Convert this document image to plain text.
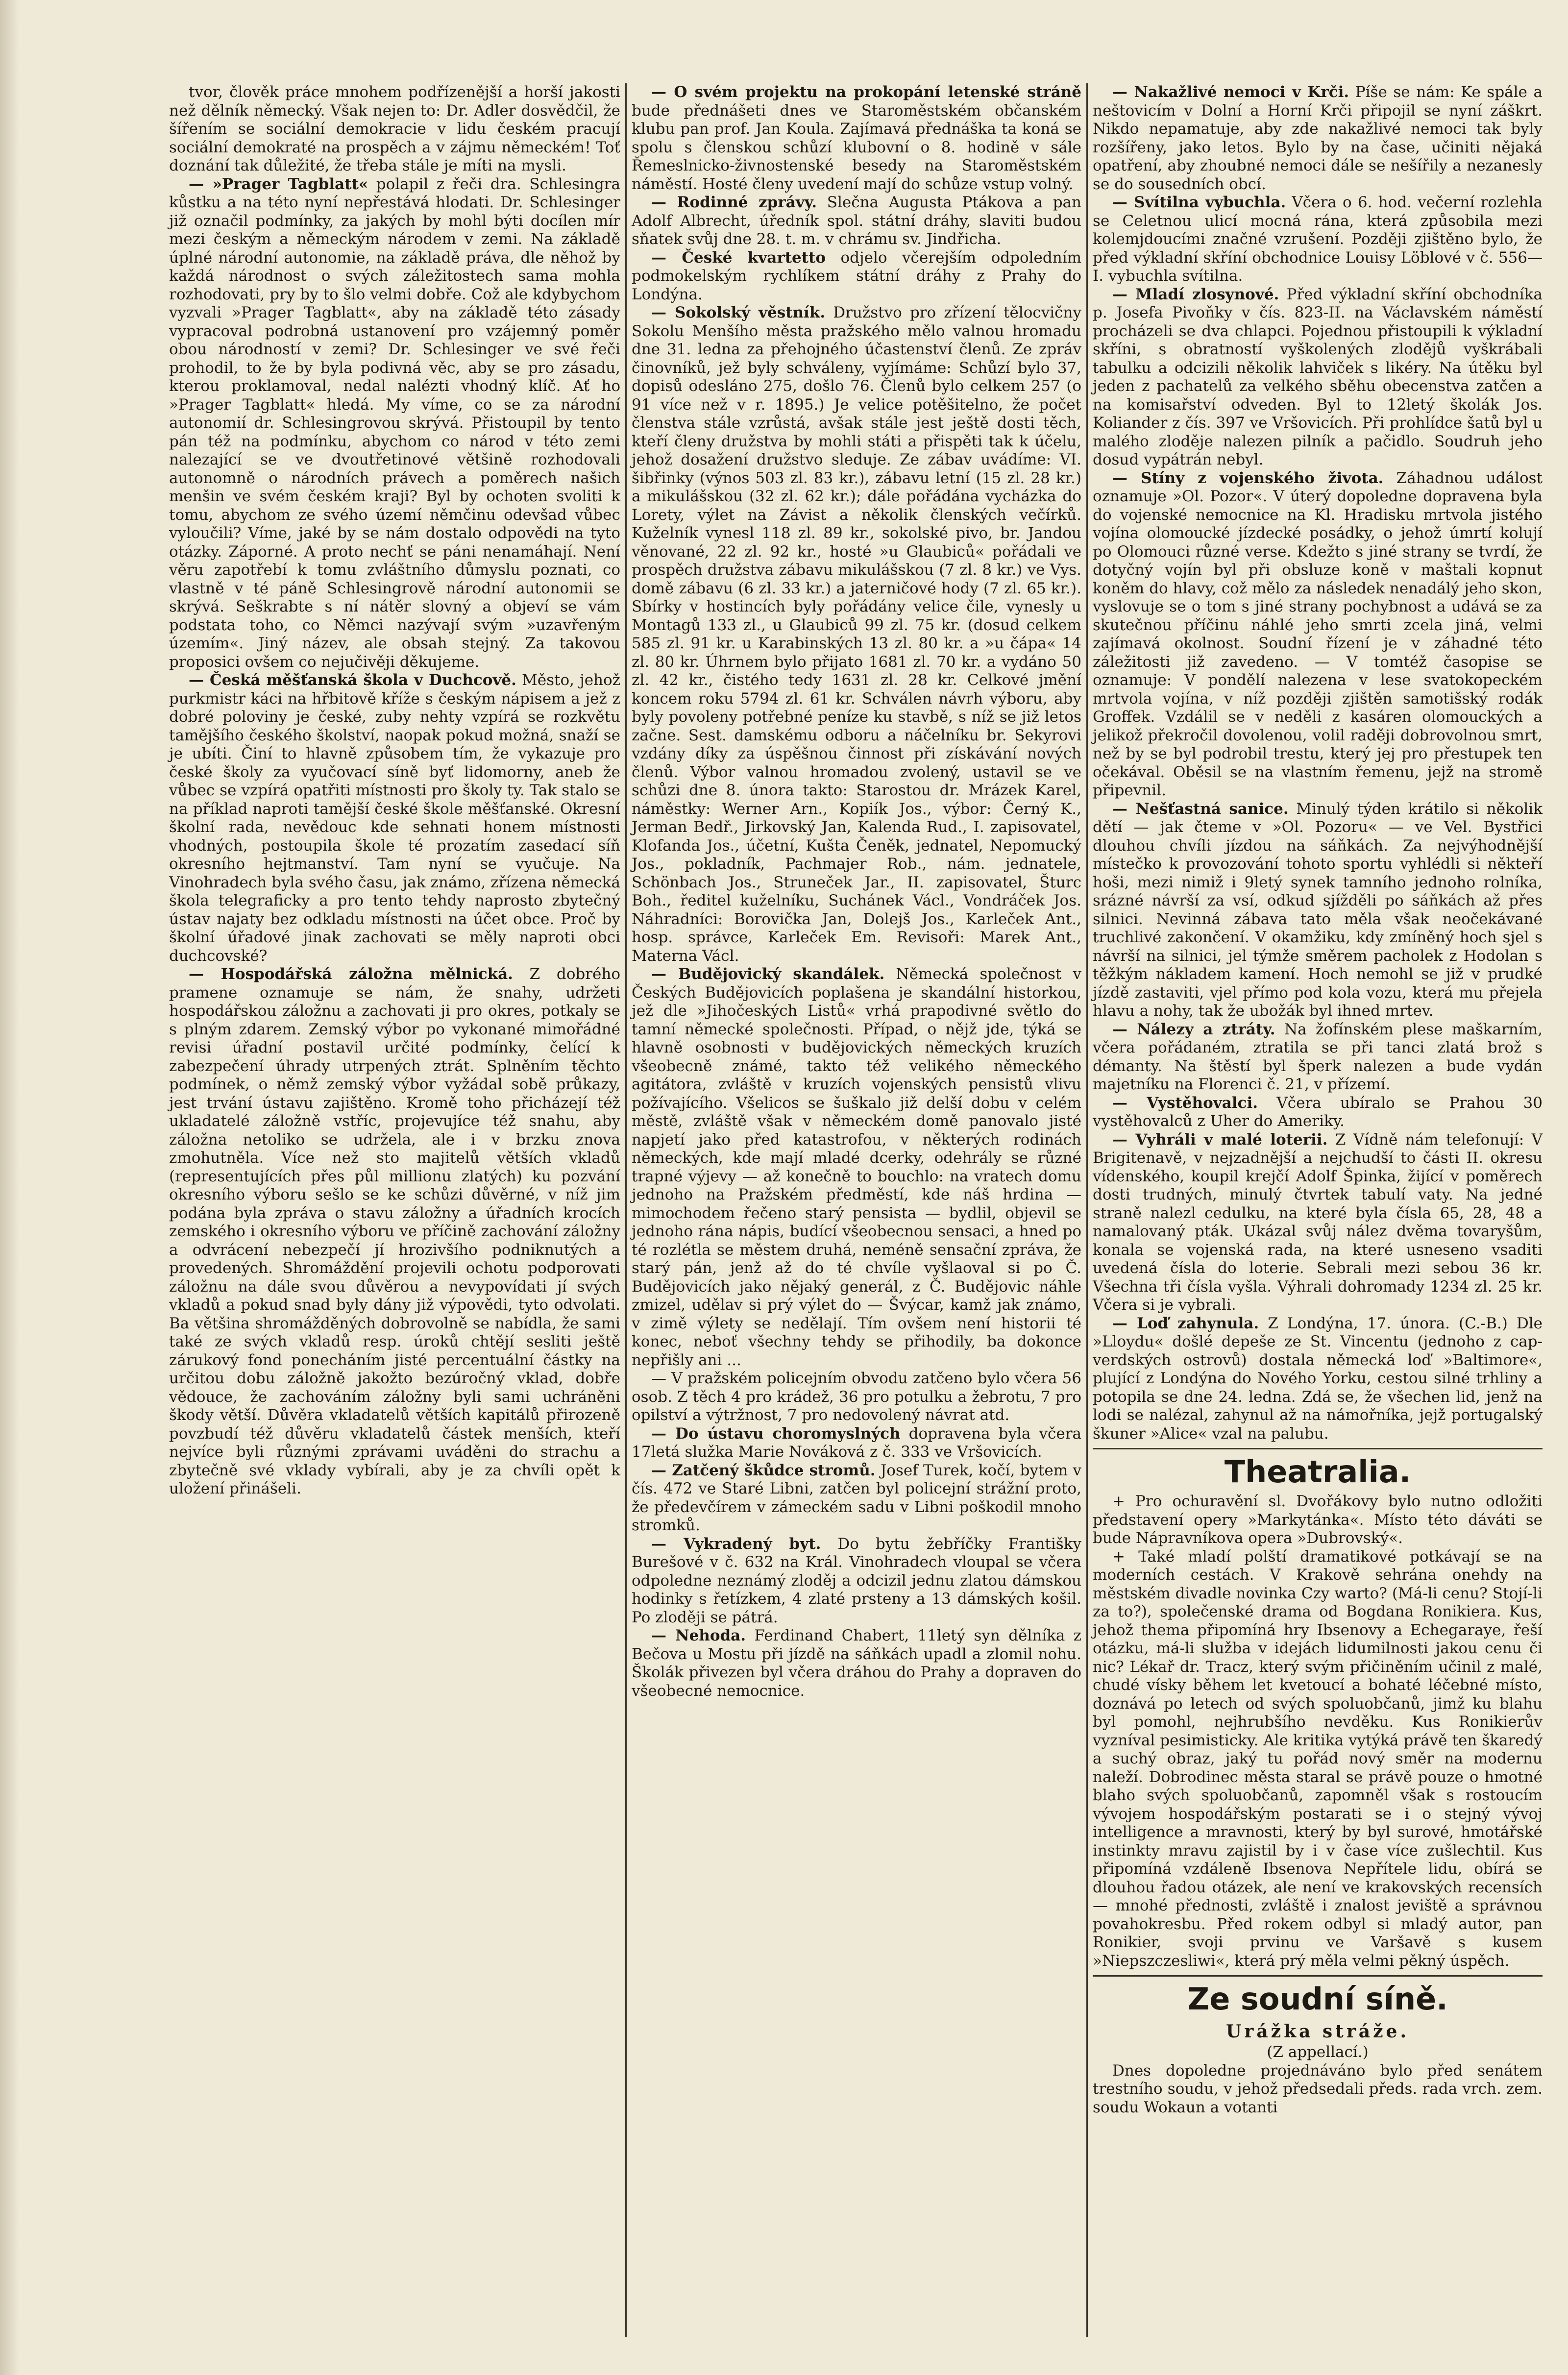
tvor, člověk práce mnohem podřízenější a horší jakosti než dělník německý. Však nejen to: Dr. Adler dosvědčil, že šířením se sociální demokracie v lidu českém pracují sociální demokraté na prospěch a v zájmu německém! Toť doznání tak důležité, že třeba stále je míti na mysli.

— »Prager Tagblatt« polapil z řeči dra. Schlesingra kůstku a na této nyní nepřestává hlodati. Dr. Schlesinger již označil podmínky, za jakých by mohl býti docílen mír mezi českým a německým národem v zemi. Na základě úplné národní autonomie, na základě práva, dle něhož by každá národnost o svých záležitostech sama mohla rozhodovati, pry by to šlo velmi dobře. Což ale kdybychom vyzvali »Prager Tagblatt«, aby na základě této zásady vypracoval podrobná ustanovení pro vzájemný poměr obou národností v zemi? Dr. Schlesinger ve své řeči prohodil, to že by byla podivná věc, aby se pro zásadu, kterou proklamoval, nedal nalézti vhodný klíč. Ať ho »Prager Tagblatt« hledá. My víme, co se za národní autonomií dr. Schlesingrovou skrývá. Přistoupil by tento pán též na podmínku, abychom co národ v této zemi nalezající se ve dvoutřetinové většině rozhodovali autonomně o národních právech a poměrech našich menšin ve svém českém kraji? Byl by ochoten svoliti k tomu, abychom ze svého území němčinu odevšad vůbec vyloučili? Víme, jaké by se nám dostalo odpovědi na tyto otázky. Záporné. A proto nechť se páni nenamáhají. Není věru zapotřebí k tomu zvláštního důmyslu poznati, co vlastně v té páně Schlesingrově národní autonomii se skrývá. Seškrabte s ní nátěr slovný a objeví se vám podstata toho, co Němci nazývají svým »uzavřeným územím«. Jiný název, ale obsah stejný. Za takovou proposici ovšem co nejučivěji děkujeme.

— Česká měšťanská škola v Duchcově. Město, jehož purkmistr káci na hřbitově kříže s českým nápisem a jež z dobré poloviny je české, zuby nehty vzpírá se rozkvětu tamějšího českého školství, naopak pokud možná, snaží se je ubíti. Činí to hlavně způsobem tím, že vykazuje pro české školy za vyučovací síně byť lidomorny, aneb že vůbec se vzpírá opatřiti místnosti pro školy ty. Tak stalo se na příklad naproti tamější české škole měšťanské. Okresní školní rada, nevědouc kde sehnati honem místnosti vhodných, postoupila škole té prozatím zasedací síň okresního hejtmanství. Tam nyní se vyučuje. Na Vinohradech byla svého času, jak známo, zřízena německá škola telegraficky a pro tento tehdy naprosto zbytečný ústav najaty bez odkladu místnosti na účet obce. Proč by školní úřadové jinak zachovati se měly naproti obci duchcovské?

— Hospodářská záložna mělnická. Z dobrého pramene oznamuje se nám, že snahy, udržeti hospodářskou záložnu a zachovati ji pro okres, potkaly se s plným zdarem. Zemský výbor po vykonané mimořádné revisi úřadní postavil určité podmínky, čelící k zabezpečení úhrady utrpených ztrát. Splněním těchto podmínek, o němž zemský výbor vyžádal sobě průkazy, jest trvání ústavu zajištěno. Kromě toho přicházejí též ukladatelé záložně vstříc, projevujíce též snahu, aby záložna netoliko se udržela, ale i v brzku znova zmohutněla. Více než sto majitelů větších vkladů (representujících přes půl millionu zlatých) ku pozvání okresního výboru sešlo se ke schůzi důvěrné, v níž jim podána byla zpráva o stavu záložny a úřadních krocích zemského i okresního výboru ve příčině zachování záložny a odvrácení nebezpečí jí hrozivšího podniknutých a provedených. Shromáždění projevili ochotu podporovati záložnu na dále svou důvěrou a nevypovídati jí svých vkladů a pokud snad byly dány již výpovědi, tyto odvolati. Ba většina shromážděných dobrovolně se nabídla, že sami také ze svých vkladů resp. úroků chtějí sesliti ještě zárukový fond ponecháním jisté percentuální částky na určitou dobu záložně jakožto bezúročný vklad, dobře vědouce, že zachováním záložny byli sami uchráněni škody větší. Důvěra vkladatelů větších kapitálů přirozeně povzbudí též důvěru vkladatelů částek menších, kteří nejvíce byli různými zprávami uváděni do strachu a zbytečně své vklady vybírali, aby je za chvíli opět k uložení přinášeli.

— O svém projektu na prokopání letenské stráně bude přednášeti dnes ve Staroměstském občanském klubu pan prof. Jan Koula. Zajímavá přednáška ta koná se spolu s členskou schůzí klubovní o 8. hodině v sále Řemeslnicko-živnostenské besedy na Staroměstském náměstí. Hosté členy uvedení mají do schůze vstup volný.

— Rodinné zprávy. Slečna Augusta Ptákova a pan Adolf Albrecht, úředník spol. státní dráhy, slaviti budou sňatek svůj dne 28. t. m. v chrámu sv. Jindřicha.

— České kvartetto odjelo včerejším odpoledním podmokelským rychlíkem státní dráhy z Prahy do Londýna.

— Sokolský věstník. Družstvo pro zřízení tělocvičny Sokolu Menšího města pražského mělo valnou hromadu dne 31. ledna za přehojného účastenství členů. Ze zpráv činovníků, jež byly schváleny, vyjímáme: Schůzí bylo 37, dopisů odesláno 275, došlo 76. Členů bylo celkem 257 (o 91 více než v r. 1895.) Je velice potěšitelno, že počet členstva stále vzrůstá, avšak stále jest ještě dosti těch, kteří členy družstva by mohli státi a přispěti tak k účelu, jehož dosažení družstvo sleduje. Ze zábav uvádíme: VI. šibřinky (výnos 503 zl. 83 kr.), zábavu letní (15 zl. 28 kr.) a mikulášskou (32 zl. 62 kr.); dále pořádána vycházka do Lorety, výlet na Závist a několik členských večírků. Kuželník vynesl 118 zl. 89 kr., sokolské pivo, br. Jandou věnované, 22 zl. 92 kr., hosté »u Glaubiců« pořádali ve prospěch družstva zábavu mikulášskou (7 zl. 8 kr.) ve Vys. domě zábavu (6 zl. 33 kr.) a jaterničové hody (7 zl. 65 kr.). Sbírky v hostincích byly pořádány velice čile, vynesly u Montagů 133 zl., u Glaubiců 99 zl. 75 kr. (dosud celkem 585 zl. 91 kr. u Karabinských 13 zl. 80 kr. a »u čápa« 14 zl. 80 kr. Úhrnem bylo přijato 1681 zl. 70 kr. a vydáno 50 zl. 42 kr., čistého tedy 1631 zl. 28 kr. Celkové jmění koncem roku 5794 zl. 61 kr. Schválen návrh výboru, aby byly povoleny potřebné peníze ku stavbě, s níž se již letos začne. Sest. damskému odboru a náčelníku br. Sekyrovi vzdány díky za úspěšnou činnost při získávání nových členů. Výbor valnou hromadou zvolený, ustavil se ve schůzi dne 8. února takto: Starostou dr. Mrázek Karel, náměstky: Werner Arn., Kopiík Jos., výbor: Černý K., Jerman Bedř., Jirkovský Jan, Kalenda Rud., I. zapisovatel, Klofanda Jos., účetní, Kušta Čeněk, jednatel, Nepomucký Jos., pokladník, Pachmajer Rob., nám. jednatele, Schönbach Jos., Struneček Jar., II. zapisovatel, Šturc Boh., ředitel kuželníku, Suchánek Václ., Vondráček Jos. Náhradníci: Borovička Jan, Dolejš Jos., Karleček Ant., hosp. správce, Karleček Em. Revisoři: Marek Ant., Materna Václ.

— Budějovický skandálek. Německá společnost v Českých Budějovicích poplašena je skandální historkou, jež dle »Jihočeských Listů« vrhá prapodivné světlo do tamní německé společnosti. Případ, o nějž jde, týká se hlavně osobnosti v budějovických německých kruzích všeobecně známé, takto též velikého německého agitátora, zvláště v kruzích vojenských pensistů vlivu požívajícího. Všelicos se šuškalo již delší dobu v celém městě, zvláště však v německém domě panovalo jisté napjetí jako před katastrofou, v některých rodinách německých, kde mají mladé dcerky, odehrály se různé trapné výjevy — až konečně to bouchlo: na vratech domu jednoho na Pražském předměstí, kde náš hrdina — mimochodem řečeno starý pensista — bydlil, objevil se jednoho rána nápis, budící všeobecnou sensaci, a hned po té rozlétla se městem druhá, neméně sensační zpráva, že starý pán, jenž až do té chvíle vyšlaoval si po Č. Budějovicích jako nějaký generál, z Č. Budějovic náhle zmizel, udělav si prý výlet do — Švýcar, kamž jak známo, v zimě výlety se nedělají. Tím ovšem není historii té konec, neboť všechny tehdy se přihodily, ba dokonce nepřišly ani ...

— V pražském policejním obvodu zatčeno bylo včera 56 osob. Z těch 4 pro krádež, 36 pro potulku a žebrotu, 7 pro opilství a výtržnost, 7 pro nedovolený návrat atd.

— Do ústavu choromyslných dopravena byla včera 17letá služka Marie Nováková z č. 333 ve Vršovicích.

— Zatčený škůdce stromů. Josef Turek, kočí, bytem v čís. 472 ve Staré Libni, zatčen byl policejní strážní proto, že předevčírem v zámeckém sadu v Libni poškodil mnoho stromků.

— Vykradený byt. Do bytu žebříčky Františky Burešové v č. 632 na Král. Vinohradech vloupal se včera odpoledne neznámý zloděj a odcizil jednu zlatou dámskou hodinky s řetízkem, 4 zlaté prsteny a 13 dámských košil. Po zloději se pátrá.

— Nehoda. Ferdinand Chabert, 11letý syn dělníka z Bečova u Mostu při jízdě na sáňkách upadl a zlomil nohu. Školák přivezen byl včera dráhou do Prahy a dopraven do všeobecné nemocnice.

— Nakažlivé nemoci v Krči. Píše se nám: Ke spále a neštovicím v Dolní a Horní Krči připojil se nyní záškrt. Nikdo nepamatuje, aby zde nakažlivé nemoci tak byly rozšířeny, jako letos. Bylo by na čase, učiniti nějaká opatření, aby zhoubné nemoci dále se nešířily a nezanesly se do sousedních obcí.

— Svítilna vybuchla. Včera o 6. hod. večerní rozlehla se Celetnou ulicí mocná rána, která způsobila mezi kolemjdoucími značné vzrušení. Později zjištěno bylo, že před výkladní skříní obchodnice Louisy Löblové v č. 556—I. vybuchla svítilna.

— Mladí zlosynové. Před výkladní skříní obchodníka p. Josefa Pivoňky v čís. 823-II. na Václavském náměstí procházeli se dva chlapci. Pojednou přistoupili k výkladní skříni, s obratností vyškolených zlodějů vyškrábali tabulku a odcizili několik lahviček s likéry. Na útěku byl jeden z pachatelů za velkého sběhu obecenstva zatčen a na komisařství odveden. Byl to 12letý školák Jos. Koliander z čís. 397 ve Vršovicích. Při prohlídce šatů byl u malého zloděje nalezen pilník a pačidlo. Soudruh jeho dosud vypátrán nebyl.

— Stíny z vojenského života. Záhadnou událost oznamuje »Ol. Pozor«. V úterý dopoledne dopravena byla do vojenské nemocnice na Kl. Hradisku mrtvola jistého vojína olomoucké jízdecké posádky, o jehož úmrtí kolují po Olomouci různé verse. Kdežto s jiné strany se tvrdí, že dotyčný vojín byl při obsluze koně v maštali kopnut koněm do hlavy, což mělo za následek nenadálý jeho skon, vyslovuje se o tom s jiné strany pochybnost a udává se za skutečnou příčinu náhlé jeho smrti zcela jiná, velmi zajímavá okolnost. Soudní řízení je v záhadné této záležitosti již zavedeno. — V tomtéž časopise se oznamuje: V pondělí nalezena v lese svatokopeckém mrtvola vojína, v níž později zjištěn samotišský rodák Groffek. Vzdálil se v neděli z kasáren olomouckých a jelikož překročil dovolenou, volil raději dobrovolnou smrt, než by se byl podrobil trestu, který jej pro přestupek ten očekával. Oběsil se na vlastním řemenu, jejž na stromě připevnil.

— Nešťastná sanice. Minulý týden krátilo si několik dětí — jak čteme v »Ol. Pozoru« — ve Vel. Bystřici dlouhou chvíli jízdou na sáňkách. Za nejvýhodnější místečko k provozování tohoto sportu vyhlédli si někteří hoši, mezi nimiž i 9letý synek tamního jednoho rolníka, srázné návrší za vsí, odkud sjížděli po sáňkách až přes silnici. Nevinná zábava tato měla však neočekávané truchlivé zakončení. V okamžiku, kdy zmíněný hoch sjel s návrší na silnici, jel týmže směrem pacholek z Hodolan s těžkým nákladem kamení. Hoch nemohl se již v prudké jízdě zastaviti, vjel přímo pod kola vozu, která mu přejela hlavu a nohy, tak že ubožák byl ihned mrtev.

— Nálezy a ztráty. Na žofínském plese maškarním, včera pořádaném, ztratila se při tanci zlatá brož s démanty. Na štěstí byl šperk nalezen a bude vydán majetníku na Florenci č. 21, v přízemí.

— Vystěhovalci. Včera ubíralo se Prahou 30 vystěhovalců z Uher do Ameriky.

— Vyhráli v malé loterii. Z Vídně nám telefonují: V Brigitenavě, v nejzadnější a nejchudší to části II. okresu vídenského, koupil krejčí Adolf Špinka, žijící v poměrech dosti trudných, minulý čtvrtek tabulí vaty. Na jedné straně nalezl cedulku, na které byla čísla 65, 28, 48 a namalovaný pták. Ukázal svůj nález dvěma tovaryšům, konala se vojenská rada, na které usneseno vsaditi uvedená čísla do loterie. Sebrali mezi sebou 36 kr. Všechna tři čísla vyšla. Výhrali dohromady 1234 zl. 25 kr. Včera si je vybrali.

— Loď zahynula. Z Londýna, 17. února. (C.-B.) Dle »Lloydu« došlé depeše ze St. Vincentu (jednoho z cap-verdských ostrovů) dostala německá loď »Baltimore«, plující z Londýna do Nového Yorku, cestou silné trhliny a potopila se dne 24. ledna. Zdá se, že všechen lid, jenž na lodi se nalézal, zahynul až na námořníka, jejž portugalský škuner »Alice« vzal na palubu.

Theatralia.

+ Pro ochuravění sl. Dvořákovy bylo nutno odložiti představení opery »Markytánka«. Místo této dáváti se bude Nápravníkova opera »Dubrovský«.

+ Také mladí polští dramatikové potkávají se na moderních cestách. V Krakově sehrána onehdy na městském divadle novinka Czy warto? (Má-li cenu? Stojí-li za to?), společenské drama od Bogdana Ronikiera. Kus, jehož thema připomíná hry Ibsenovy a Echegaraye, řeší otázku, má-li služba v idejách lidumilnosti jakou cenu či nic? Lékař dr. Tracz, který svým přičiněním učinil z malé, chudé vísky během let kvetoucí a bohaté léčebné místo, doznává po letech od svých spoluobčanů, jimž ku blahu byl pomohl, nejhrubšího nevděku. Kus Ronikierův vyzníval pesimisticky. Ale kritika vytýká právě ten škaredý a suchý obraz, jaký tu pořád nový směr na modernu naleží. Dobrodinec města staral se právě pouze o hmotné blaho svých spoluobčanů, zapomněl však s rostoucím vývojem hospodářským postarati se i o stejný vývoj intelligence a mravnosti, který by byl surové, hmotářské instinkty mravu zajistil by i v čase více zušlechtil. Kus připomíná vzdáleně Ibsenova Nepřítele lidu, obírá se dlouhou řadou otázek, ale není ve krakovských recensích — mnohé přednosti, zvláště i znalost jeviště a správnou povahokresbu. Před rokem odbyl si mladý autor, pan Ronikier, svoji prvinu ve Varšavě s kusem »Niepszczesliwi«, která prý měla velmi pěkný úspěch.

Ze soudní síně.
Urážka stráže.

(Z appellací.)

Dnes dopoledne projednáváno bylo před senátem trestního soudu, v jehož předsedali předs. rada vrch. zem. soudu Wokaun a votanti
